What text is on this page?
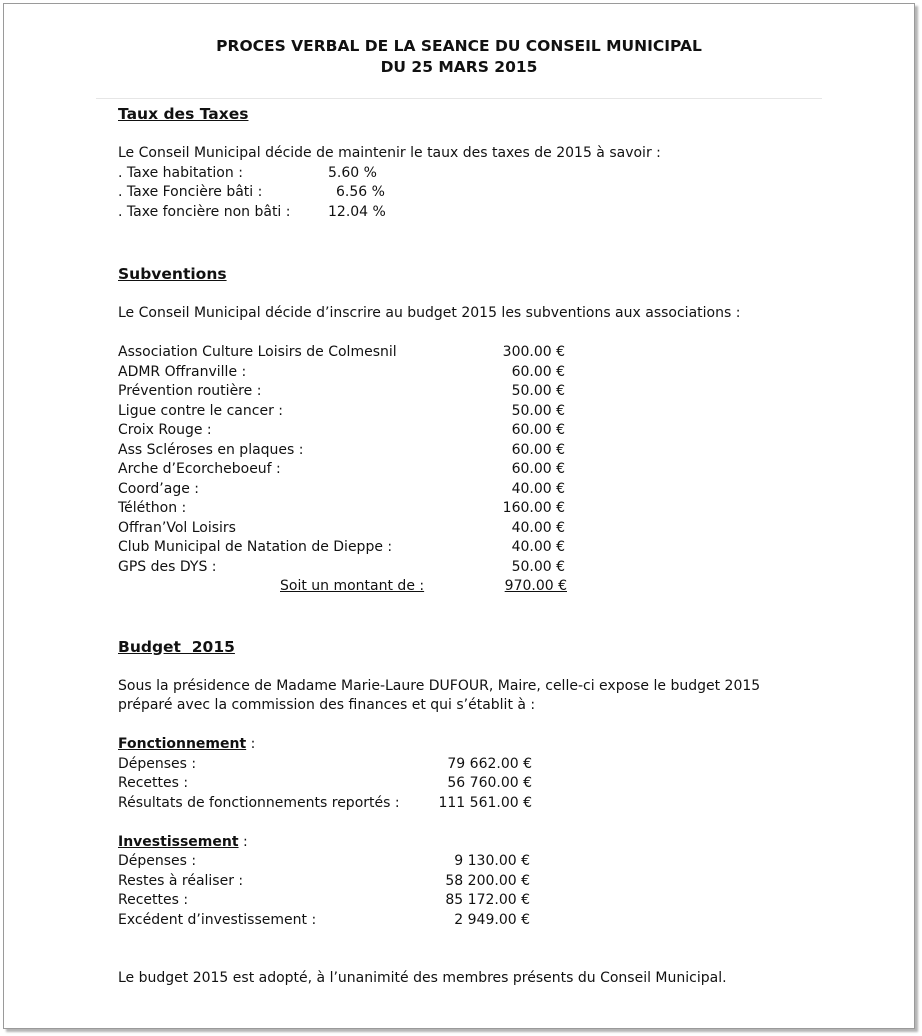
PROCES VERBAL DE LA SEANCE DU CONSEIL MUNICIPAL
DU 25 MARS 2015

Taux des Taxes

Le Conseil Municipal décide de maintenir le taux des taxes de 2015 à savoir :

. Taxe habitation :	5.60 %
. Taxe Foncière bâti :	6.56 %
. Taxe foncière non bâti :	12.04 %

Subventions

Le Conseil Municipal décide d’inscrire au budget 2015 les subventions aux associations :

Association Culture Loisirs de Colmesnil	300.00 €
ADMR Offranville :	60.00 €
Prévention routière :	50.00 €
Ligue contre le cancer :	50.00 €
Croix Rouge :	60.00 €
Ass Scléroses en plaques :	60.00 €
Arche d’Ecorcheboeuf :	60.00 €
Coord’age :	40.00 €
Téléthon :	160.00 €
Offran’Vol Loisirs	40.00 €
Club Municipal de Natation de Dieppe :	40.00 €
GPS des DYS :	50.00 €
Soit un montant de :	970.00 €

Budget  2015

Sous la présidence de Madame Marie-Laure DUFOUR, Maire, celle-ci expose le budget 2015

préparé avec la commission des finances et qui s’établit à :

Fonctionnement :
Dépenses :	79 662.00 €
Recettes :	56 760.00 €
Résultats de fonctionnements reportés :	111 561.00 €
Investissement :
Dépenses :	9 130.00 €
Restes à réaliser :	58 200.00 €
Recettes :	85 172.00 €
Excédent d’investissement :	2 949.00 €

Le budget 2015 est adopté, à l’unanimité des membres présents du Conseil Municipal.
